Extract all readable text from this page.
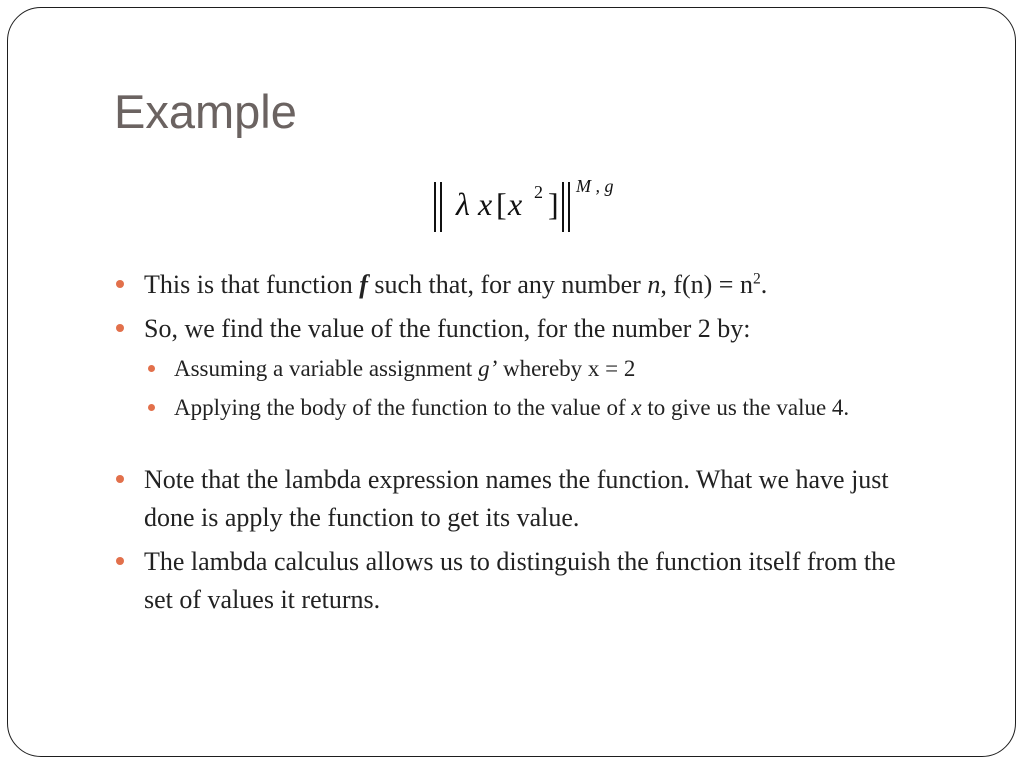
Example
λ x [ x 2 ] M , g
This is that function f such that, for any number n, $f(n) = n^2$.
So, we find the value of the function, for the number 2 by:
Assuming a variable assignment g’ whereby x = 2
Applying the body of the function to the value of x to give us the value 4.
Note that the lambda expression names the function. What we have just done is apply the function to get its value.
The lambda calculus allows us to distinguish the function itself from the set of values it returns.
